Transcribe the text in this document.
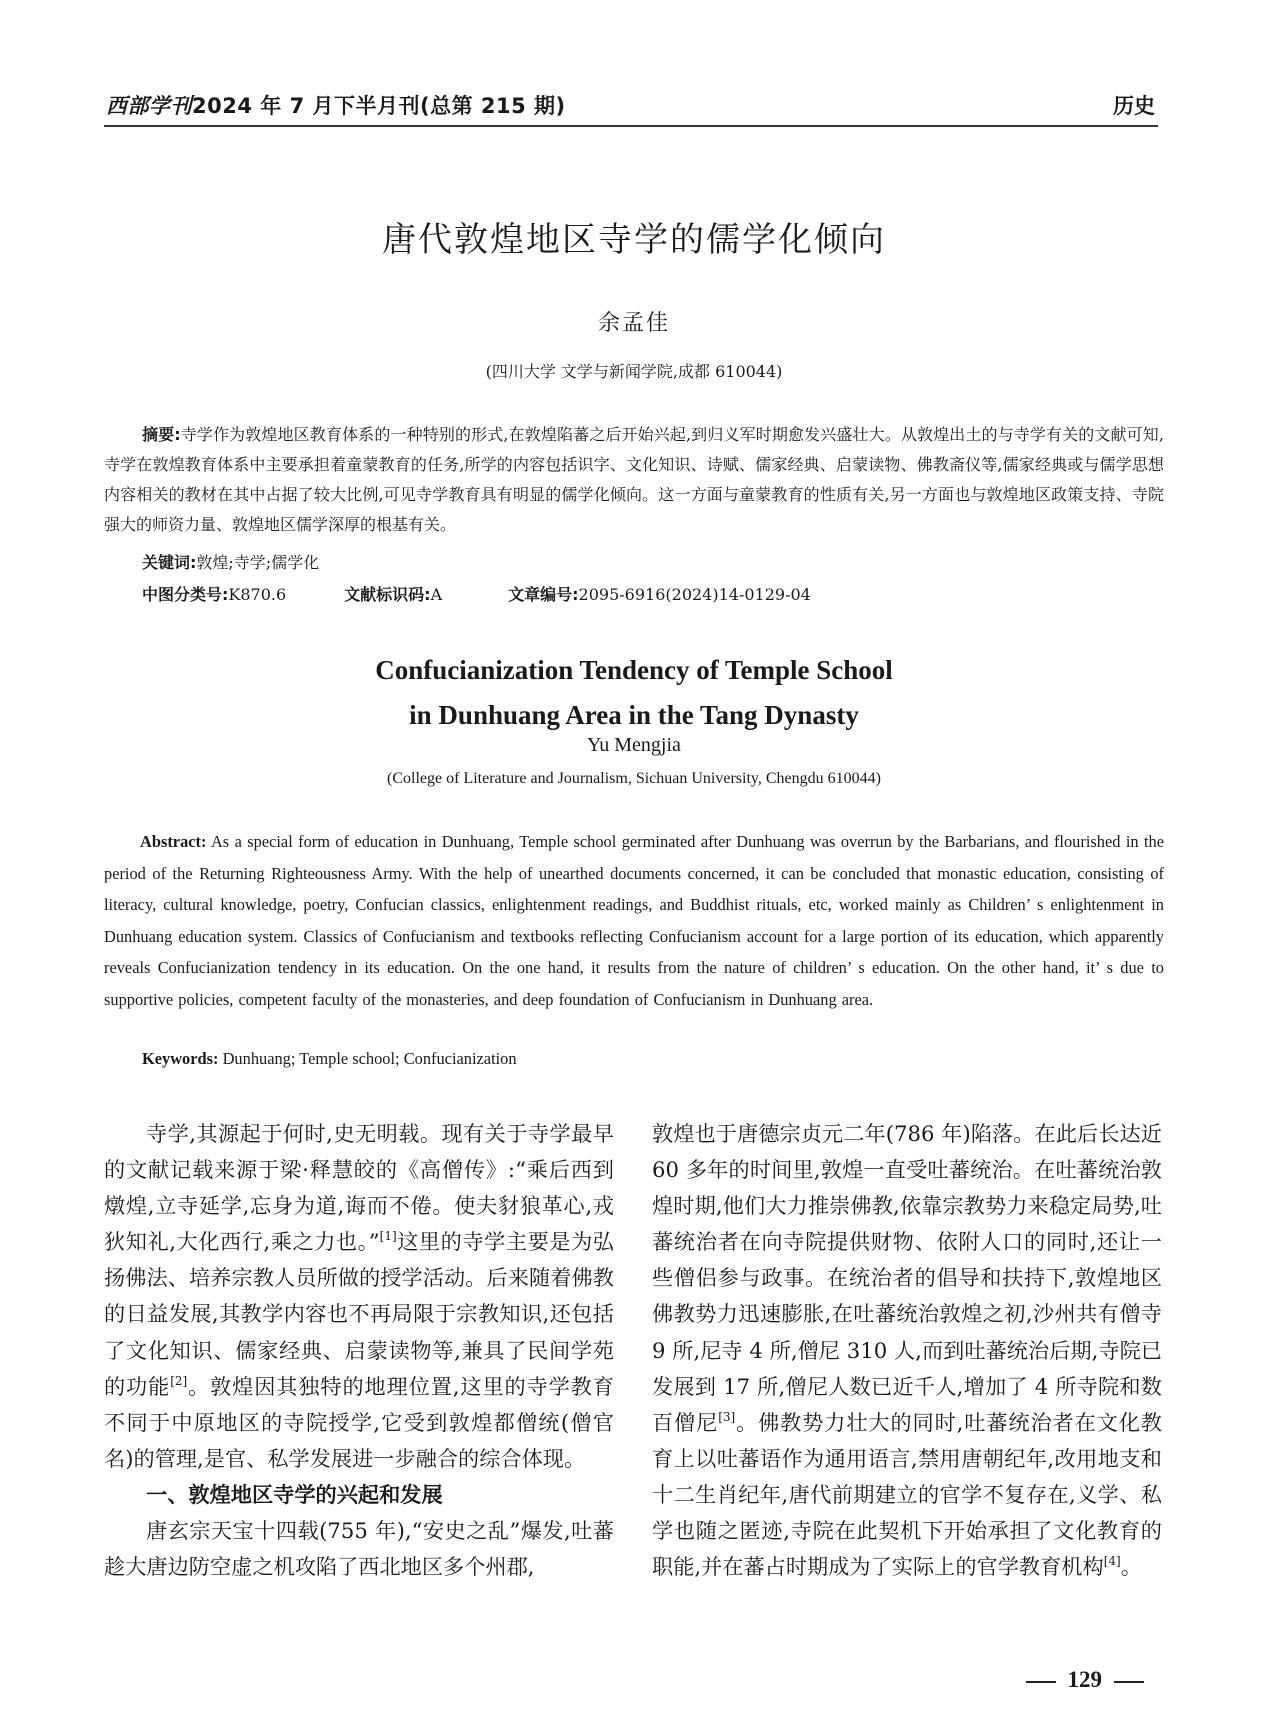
西部学刊2024 年 7 月下半月刊(总第 215 期)	历史
唐代敦煌地区寺学的儒学化倾向
余孟佳
(四川大学 文学与新闻学院,成都 610044)
摘要:寺学作为敦煌地区教育体系的一种特别的形式,在敦煌陷蕃之后开始兴起,到归义军时期愈发兴盛壮大。从敦煌出土的与寺学有关的文献可知,寺学在敦煌教育体系中主要承担着童蒙教育的任务,所学的内容包括识字、文化知识、诗赋、儒家经典、启蒙读物、佛教斋仪等,儒家经典或与儒学思想内容相关的教材在其中占据了较大比例,可见寺学教育具有明显的儒学化倾向。这一方面与童蒙教育的性质有关,另一方面也与敦煌地区政策支持、寺院强大的师资力量、敦煌地区儒学深厚的根基有关。
关键词:敦煌;寺学;儒学化
中图分类号:K870.6	文献标识码:A	文章编号:2095-6916(2024)14-0129-04
Confucianization Tendency of Temple School
in Dunhuang Area in the Tang Dynasty
Yu Mengjia
(College of Literature and Journalism, Sichuan University, Chengdu 610044)
Abstract: As a special form of education in Dunhuang, Temple school germinated after Dunhuang was overrun by the Barbarians, and flourished in the period of the Returning Righteousness Army. With the help of unearthed documents concerned, it can be concluded that monastic education, consisting of literacy, cultural knowledge, poetry, Confucian classics, enlightenment readings, and Buddhist rituals, etc, worked mainly as Children’ s enlightenment in Dunhuang education system. Classics of Confucianism and textbooks reflecting Confucianism account for a large portion of its education, which apparently reveals Confucianization tendency in its education. On the one hand, it results from the nature of children’ s education. On the other hand, it’ s due to supportive policies, competent faculty of the monasteries, and deep foundation of Confucianism in Dunhuang area.
Keywords: Dunhuang; Temple school; Confucianization

寺学,其源起于何时,史无明载。现有关于寺学最早的文献记载来源于梁·释慧皎的《高僧传》:“乘后西到燉煌,立寺延学,忘身为道,诲而不倦。使夫豺狼革心,戎狄知礼,大化西行,乘之力也。”[1]这里的寺学主要是为弘扬佛法、培养宗教人员所做的授学活动。后来随着佛教的日益发展,其教学内容也不再局限于宗教知识,还包括了文化知识、儒家经典、启蒙读物等,兼具了民间学苑的功能[2]。敦煌因其独特的地理位置,这里的寺学教育不同于中原地区的寺院授学,它受到敦煌都僧统(僧官名)的管理,是官、私学发展进一步融合的综合体现。

一、敦煌地区寺学的兴起和发展

唐玄宗天宝十四载(755 年),“安史之乱”爆发,吐蕃趁大唐边防空虚之机攻陷了西北地区多个州郡,

敦煌也于唐德宗贞元二年(786 年)陷落。在此后长达近 60 多年的时间里,敦煌一直受吐蕃统治。在吐蕃统治敦煌时期,他们大力推崇佛教,依靠宗教势力来稳定局势,吐蕃统治者在向寺院提供财物、依附人口的同时,还让一些僧侣参与政事。在统治者的倡导和扶持下,敦煌地区佛教势力迅速膨胀,在吐蕃统治敦煌之初,沙州共有僧寺 9 所,尼寺 4 所,僧尼 310 人,而到吐蕃统治后期,寺院已发展到 17 所,僧尼人数已近千人,增加了 4 所寺院和数百僧尼[3]。佛教势力壮大的同时,吐蕃统治者在文化教育上以吐蕃语作为通用语言,禁用唐朝纪年,改用地支和十二生肖纪年,唐代前期建立的官学不复存在,义学、私学也随之匿迹,寺院在此契机下开始承担了文化教育的职能,并在蕃占时期成为了实际上的官学教育机构[4]。

129
